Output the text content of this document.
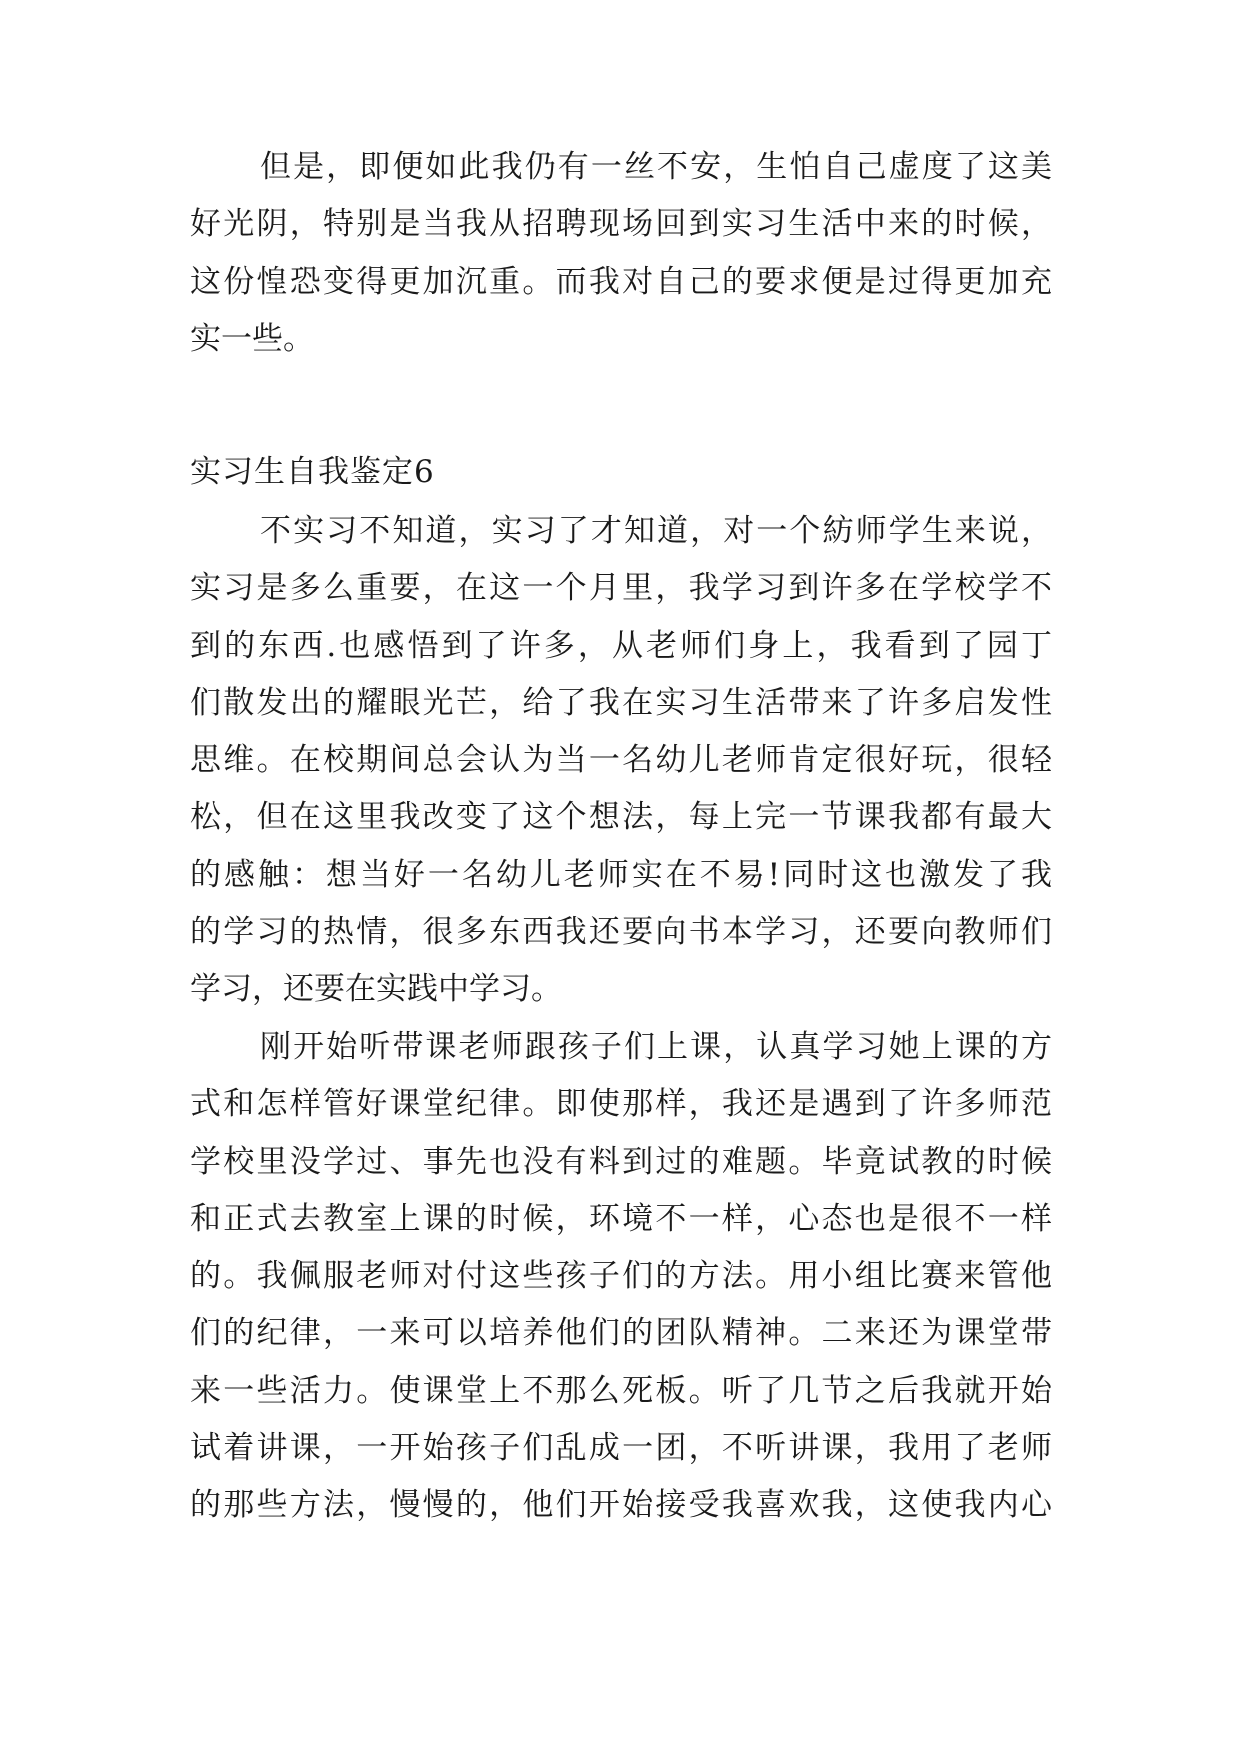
但是，即便如此我仍有一丝不安，生怕自己虚度了这美
好光阴，特别是当我从招聘现场回到实习生活中来的时候，
这份惶恐变得更加沉重。而我对自己的要求便是过得更加充
实一些。
实习生自我鉴定6
不实习不知道，实习了才知道，对一个紡师学生来说，
实习是多么重要，在这一个月里，我学习到许多在学校学不
到的东西.也感悟到了许多，从老师们身上，我看到了园丁
们散发出的耀眼光芒，给了我在实习生活带来了许多启发性
思维。在校期间总会认为当一名幼儿老师肯定很好玩，很轻
松，但在这里我改变了这个想法，每上完一节课我都有最大
的感触：想当好一名幼儿老师实在不易!同时这也激发了我
的学习的热情，很多东西我还要向书本学习，还要向教师们
学习，还要在实践中学习。
刚开始听带课老师跟孩子们上课，认真学习她上课的方
式和怎样管好课堂纪律。即使那样，我还是遇到了许多师范
学校里没学过、事先也没有料到过的难题。毕竟试教的时候
和正式去教室上课的时候，环境不一样，心态也是很不一样
的。我佩服老师对付这些孩子们的方法。用小组比赛来管他
们的纪律，一来可以培养他们的团队精神。二来还为课堂带
来一些活力。使课堂上不那么死板。听了几节之后我就开始
试着讲课，一开始孩子们乱成一团，不听讲课，我用了老师
的那些方法，慢慢的，他们开始接受我喜欢我，这使我内心
